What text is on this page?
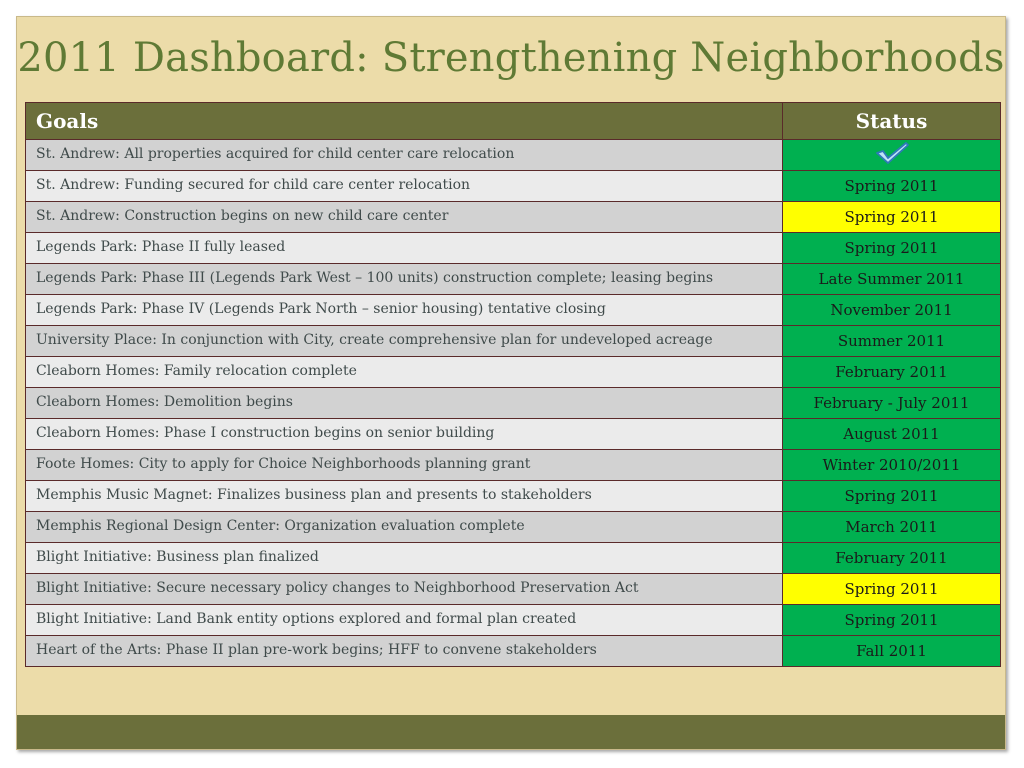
2011 Dashboard: Strengthening Neighborhoods
Goals	Status
St. Andrew: All properties acquired for child center care relocation	
St. Andrew: Funding secured for child care center relocation	Spring 2011
St. Andrew: Construction begins on new child care center	Spring 2011
Legends Park: Phase II fully leased	Spring 2011
Legends Park: Phase III (Legends Park West – 100 units) construction complete; leasing begins	Late Summer 2011
Legends Park: Phase IV (Legends Park North – senior housing) tentative closing	November 2011
University Place: In conjunction with City, create comprehensive plan for undeveloped acreage	Summer 2011
Cleaborn Homes: Family relocation complete	February 2011
Cleaborn Homes: Demolition begins	February - July 2011
Cleaborn Homes: Phase I construction begins on senior building	August 2011
Foote Homes: City to apply for Choice Neighborhoods planning grant	Winter 2010/2011
Memphis Music Magnet: Finalizes business plan and presents to stakeholders	Spring 2011
Memphis Regional Design Center: Organization evaluation complete	March 2011
Blight Initiative: Business plan finalized	February 2011
Blight Initiative: Secure necessary policy changes to Neighborhood Preservation Act	Spring 2011
Blight Initiative: Land Bank entity options explored and formal plan created	Spring 2011
Heart of the Arts: Phase II plan pre-work begins; HFF to convene stakeholders	Fall 2011
